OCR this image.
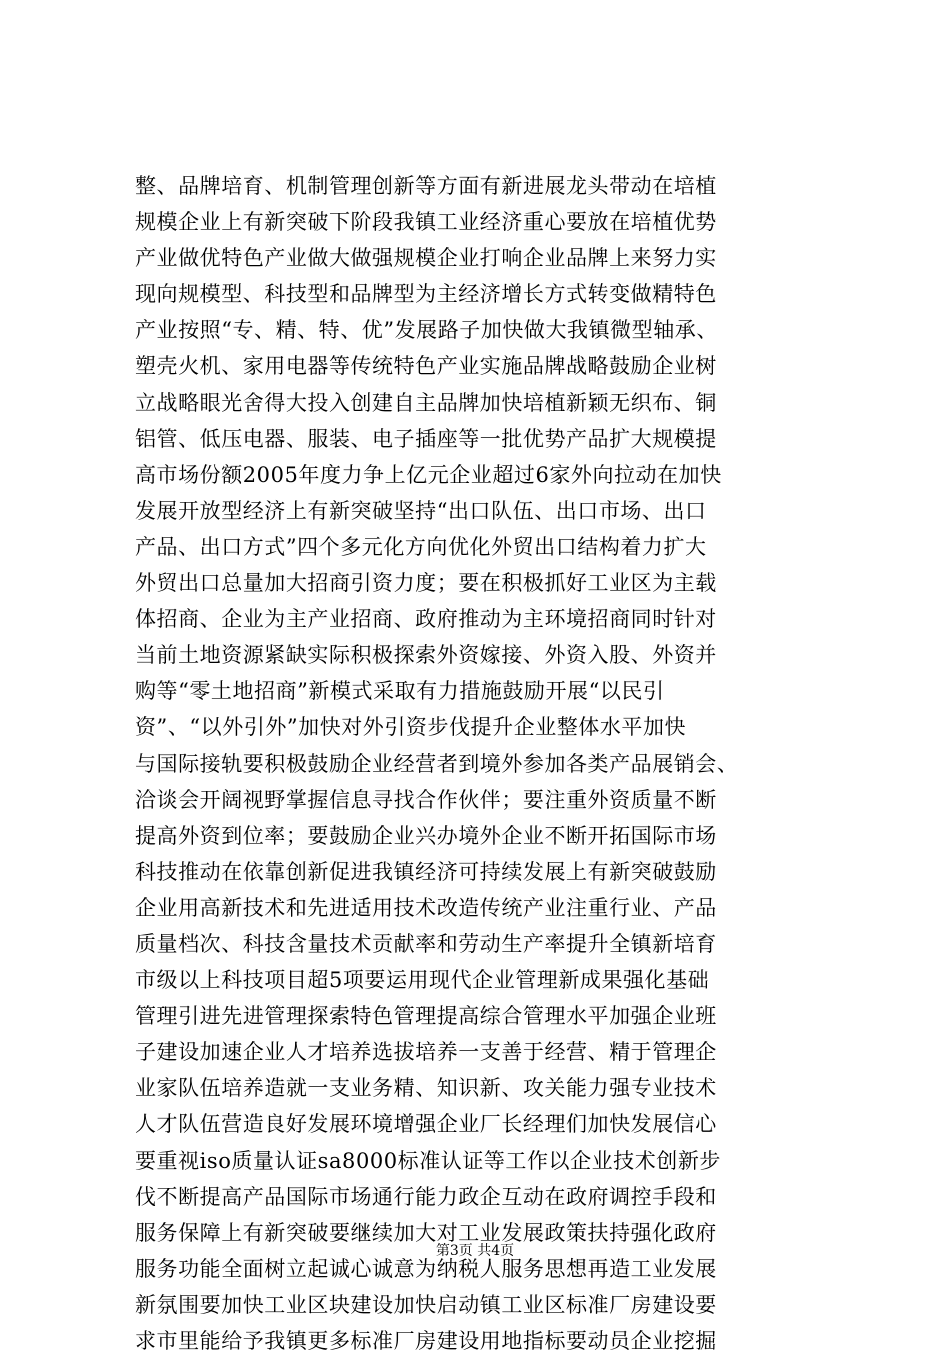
整、品牌培育、机制管理创新等方面有新进展龙头带动在培植
规模企业上有新突破下阶段我镇工业经济重心要放在培植优势
产业做优特色产业做大做强规模企业打响企业品牌上来努力实
现向规模型、科技型和品牌型为主经济增长方式转变做精特色
产业按照“专、精、特、优”发展路子加快做大我镇微型轴承、
塑壳火机、家用电器等传统特色产业实施品牌战略鼓励企业树
立战略眼光舍得大投入创建自主品牌加快培植新颖无织布、铜
铝管、低压电器、服装、电子插座等一批优势产品扩大规模提
高市场份额2005年度力争上亿元企业超过6家外向拉动在加快
发展开放型经济上有新突破坚持“出口队伍、出口市场、出口
产品、出口方式”四个多元化方向优化外贸出口结构着力扩大
外贸出口总量加大招商引资力度；要在积极抓好工业区为主载
体招商、企业为主产业招商、政府推动为主环境招商同时针对
当前土地资源紧缺实际积极探索外资嫁接、外资入股、外资并
购等“零土地招商”新模式采取有力措施鼓励开展“以民引
资”、“以外引外”加快对外引资步伐提升企业整体水平加快
与国际接轨要积极鼓励企业经营者到境外参加各类产品展销会、
洽谈会开阔视野掌握信息寻找合作伙伴；要注重外资质量不断
提高外资到位率；要鼓励企业兴办境外企业不断开拓国际市场
科技推动在依靠创新促进我镇经济可持续发展上有新突破鼓励
企业用高新技术和先进适用技术改造传统产业注重行业、产品
质量档次、科技含量技术贡献率和劳动生产率提升全镇新培育
市级以上科技项目超5项要运用现代企业管理新成果强化基础
管理引进先进管理探索特色管理提高综合管理水平加强企业班
子建设加速企业人才培养选拔培养一支善于经营、精于管理企
业家队伍培养造就一支业务精、知识新、攻关能力强专业技术
人才队伍营造良好发展环境增强企业厂长经理们加快发展信心
要重视iso质量认证sa8000标准认证等工作以企业技术创新步
伐不断提高产品国际市场通行能力政企互动在政府调控手段和
服务保障上有新突破要继续加大对工业发展政策扶持强化政府
服务功能全面树立起诚心诚意为纳税人服务思想再造工业发展
新氛围要加快工业区块建设加快启动镇工业区标准厂房建设要
求市里能给予我镇更多标准厂房建设用地指标要动员企业挖掘
第3页 共4页
